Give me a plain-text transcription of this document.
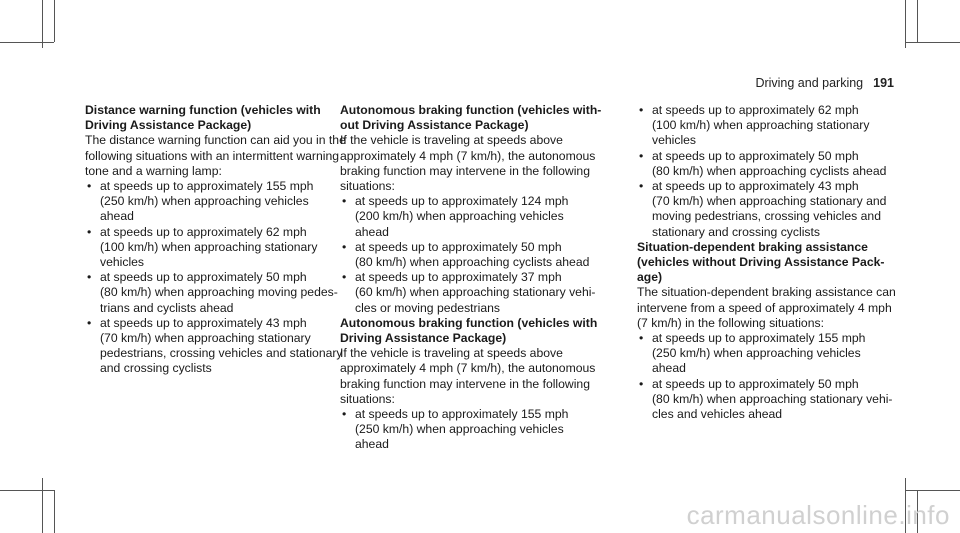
Driving and parking 191
Distance warning function (vehicles with
Driving Assistance Package)

The distance warning function can aid you in the
following situations with an intermittent warning
tone and a warning lamp:

• at speeds up to approximately 155 mph
(250 km/h) when approaching vehicles
ahead
• at speeds up to approximately 62 mph
(100 km/h) when approaching stationary
vehicles
• at speeds up to approximately 50 mph
(80 km/h) when approaching moving pedes-
trians and cyclists ahead
• at speeds up to approximately 43 mph
(70 km/h) when approaching stationary
pedestrians, crossing vehicles and stationary
and crossing cyclists
Autonomous braking function (vehicles with-
out Driving Assistance Package)

If the vehicle is traveling at speeds above
approximately 4 mph (7 km/h), the autonomous
braking function may intervene in the following
situations:

• at speeds up to approximately 124 mph
(200 km/h) when approaching vehicles
ahead
• at speeds up to approximately 50 mph
(80 km/h) when approaching cyclists ahead
• at speeds up to approximately 37 mph
(60 km/h) when approaching stationary vehi-
cles or moving pedestrians
Autonomous braking function (vehicles with
Driving Assistance Package)

If the vehicle is traveling at speeds above
approximately 4 mph (7 km/h), the autonomous
braking function may intervene in the following
situations:

• at speeds up to approximately 155 mph
(250 km/h) when approaching vehicles
ahead
• at speeds up to approximately 62 mph
(100 km/h) when approaching stationary
vehicles
• at speeds up to approximately 50 mph
(80 km/h) when approaching cyclists ahead
• at speeds up to approximately 43 mph
(70 km/h) when approaching stationary and
moving pedestrians, crossing vehicles and
stationary and crossing cyclists
Situation-dependent braking assistance
(vehicles without Driving Assistance Pack-
age)

The situation-dependent braking assistance can
intervene from a speed of approximately 4 mph
(7 km/h) in the following situations:

• at speeds up to approximately 155 mph
(250 km/h) when approaching vehicles
ahead
• at speeds up to approximately 50 mph
(80 km/h) when approaching stationary vehi-
cles and vehicles ahead
carmanualsonline.info
